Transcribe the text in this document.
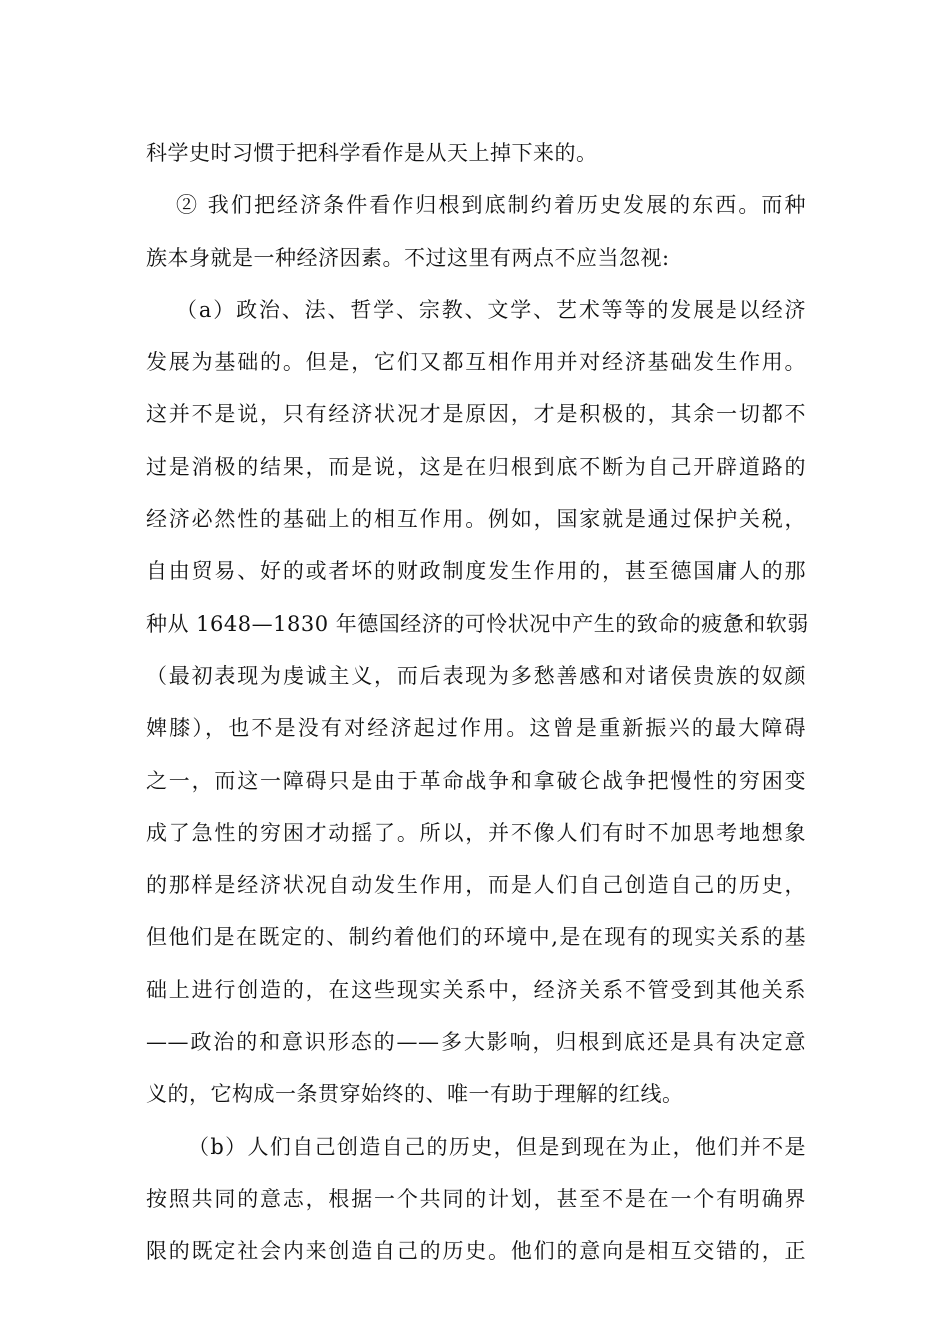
科学史时习惯于把科学看作是从天上掉下来的。
② 我们把经济条件看作归根到底制约着历史发展的东西。而种
族本身就是一种经济因素。不过这里有两点不应当忽视:
（a）政治、法、哲学、宗教、文学、艺术等等的发展是以经济
发展为基础的。但是，它们又都互相作用并对经济基础发生作用。
这并不是说，只有经济状况才是原因，才是积极的，其余一切都不
过是消极的结果，而是说，这是在归根到底不断为自己开辟道路的
经济必然性的基础上的相互作用。例如，国家就是通过保护关税，
自由贸易、好的或者坏的财政制度发生作用的，甚至德国庸人的那
种从 1648—1830 年德国经济的可怜状况中产生的致命的疲惫和软弱
（最初表现为虔诚主义，而后表现为多愁善感和对诸侯贵族的奴颜
婢膝），也不是没有对经济起过作用。这曾是重新振兴的最大障碍
之一，而这一障碍只是由于革命战争和拿破仑战争把慢性的穷困变
成了急性的穷困才动摇了。所以，并不像人们有时不加思考地想象
的那样是经济状况自动发生作用，而是人们自己创造自己的历史，
但他们是在既定的、制约着他们的环境中,是在现有的现实关系的基
础上进行创造的，在这些现实关系中，经济关系不管受到其他关系
——政治的和意识形态的——多大影响，归根到底还是具有决定意
义的，它构成一条贯穿始终的、唯一有助于理解的红线。
（b）人们自己创造自己的历史，但是到现在为止，他们并不是
按照共同的意志，根据一个共同的计划，甚至不是在一个有明确界
限的既定社会内来创造自己的历史。他们的意向是相互交错的，正
